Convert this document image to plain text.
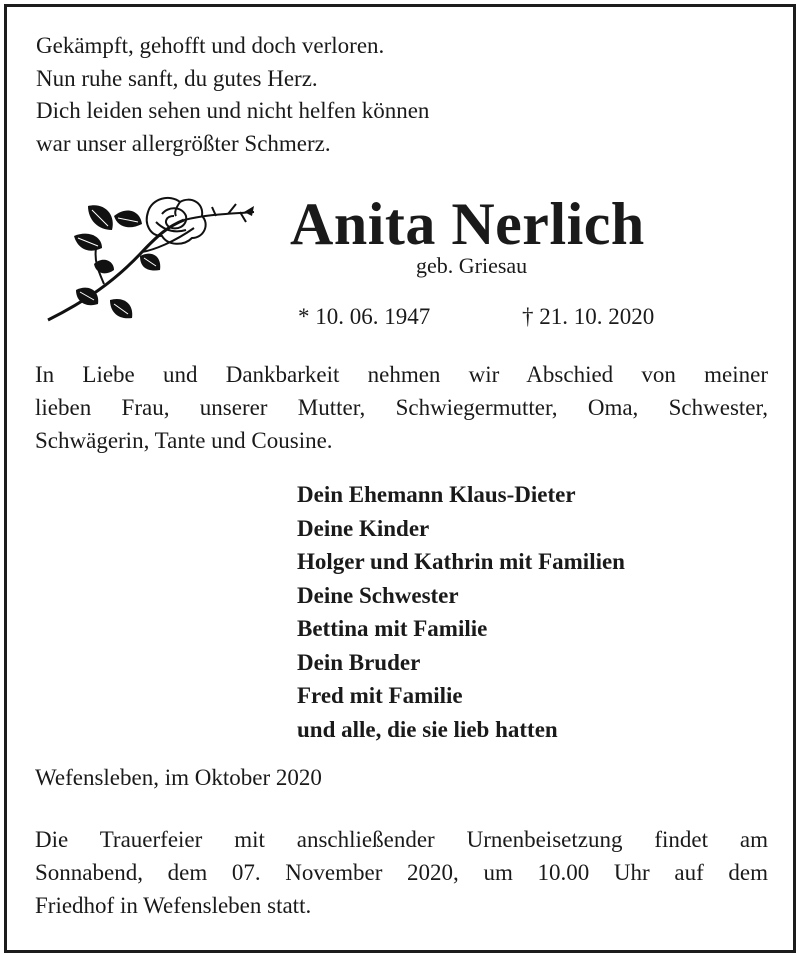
Gekämpft, gehofft und doch verloren.
Nun ruhe sanft, du gutes Herz.
Dich leiden sehen und nicht helfen können
war unser allergrößter Schmerz.
Anita Nerlich
geb. Griesau
* 10. 06. 1947	† 21. 10. 2020
In Liebe und Dankbarkeit nehmen wir Abschied von meiner
lieben Frau, unserer Mutter, Schwiegermutter, Oma, Schwester,
Schwägerin, Tante und Cousine.
Dein Ehemann Klaus-Dieter
Deine Kinder
Holger und Kathrin mit Familien
Deine Schwester
Bettina mit Familie
Dein Bruder
Fred mit Familie
und alle, die sie lieb hatten
Wefensleben, im Oktober 2020
Die Trauerfeier mit anschließender Urnenbeisetzung findet am
Sonnabend, dem 07. November 2020, um 10.00 Uhr auf dem
Friedhof in Wefensleben statt.
